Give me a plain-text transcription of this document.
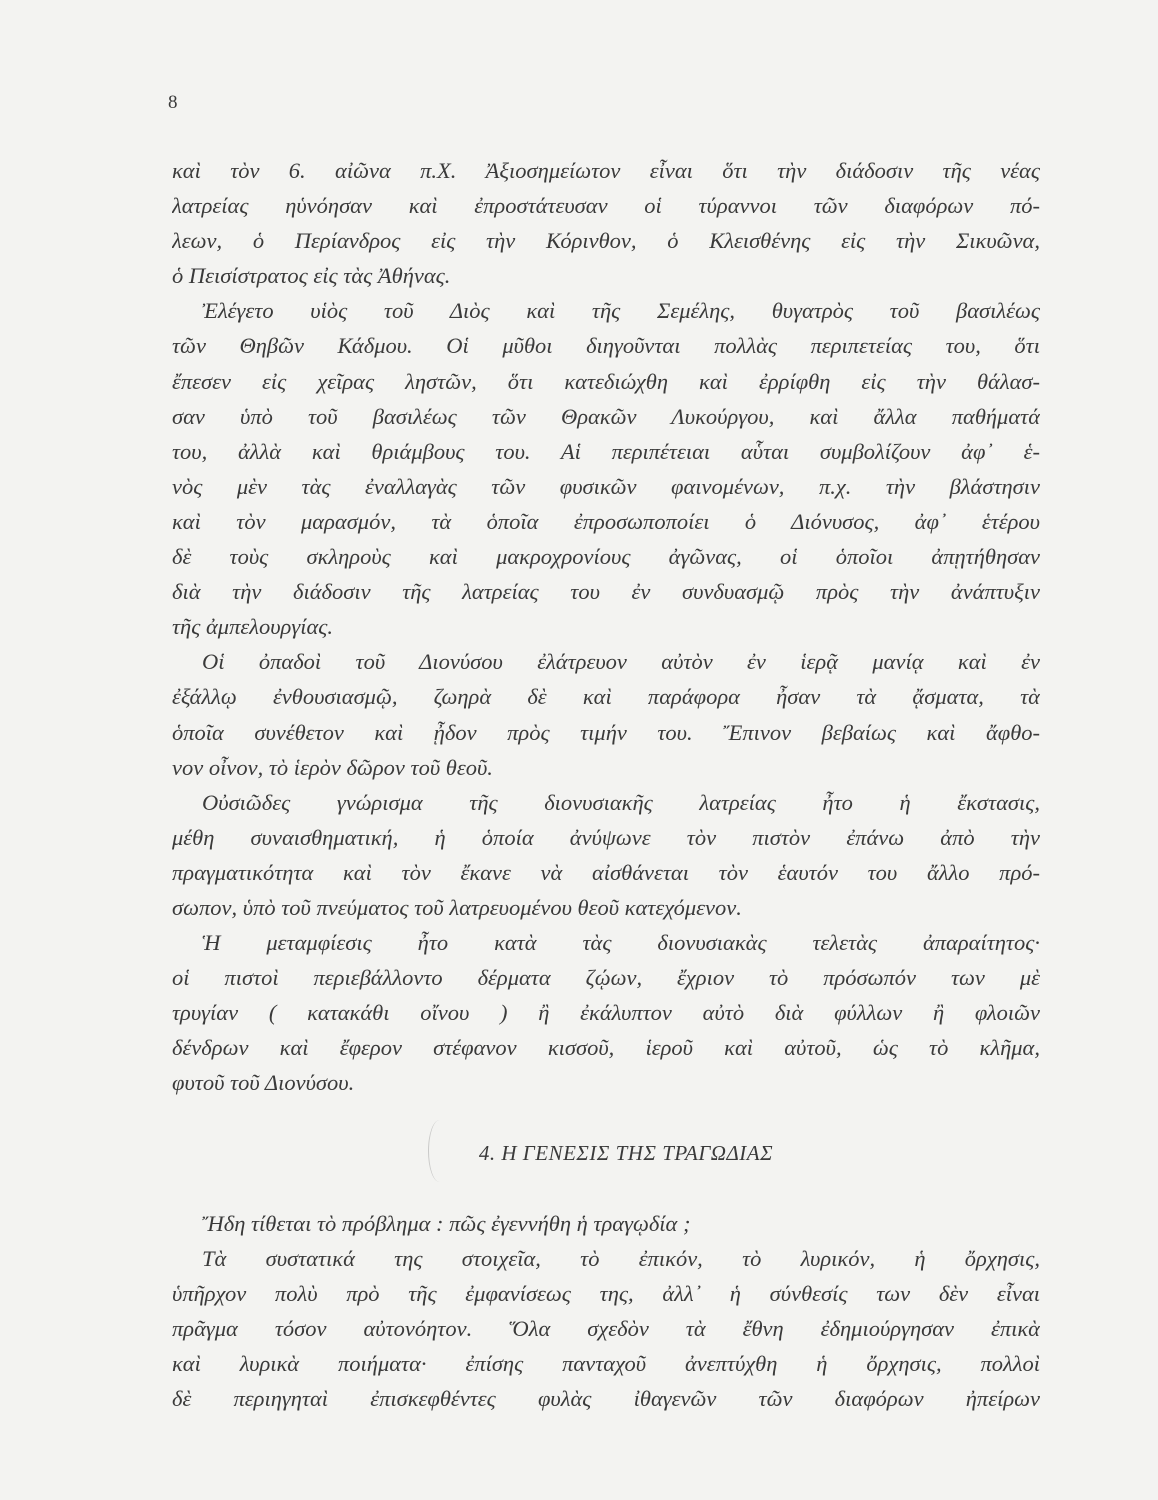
8
καὶ τὸν 6. αἰῶνα π.Χ. Ἀξιοσημείωτον εἶναι ὅτι τὴν διάδοσιν τῆς νέας
λατρείας ηὑνόησαν καὶ ἐπροστάτευσαν οἱ τύραννοι τῶν διαφόρων πό-
λεων, ὁ Περίανδρος εἰς τὴν Κόρινθον, ὁ Κλεισθένης εἰς τὴν Σικυῶνα,
ὁ Πεισίστρατος εἰς τὰς Ἀθήνας.
Ἐλέγετο υἱὸς τοῦ Διὸς καὶ τῆς Σεμέλης, θυγατρὸς τοῦ βασιλέως
τῶν Θηβῶν Κάδμου. Οἱ μῦθοι διηγοῦνται πολλὰς περιπετείας του, ὅτι
ἔπεσεν εἰς χεῖρας ληστῶν, ὅτι κατεδιώχθη καὶ ἐρρίφθη εἰς τὴν θάλασ-
σαν ὑπὸ τοῦ βασιλέως τῶν Θρακῶν Λυκούργου, καὶ ἄλλα παθήματά
του, ἀλλὰ καὶ θριάμβους του. Αἱ περιπέτειαι αὗται συμβολίζουν ἀφ᾽ ἑ-
νὸς μὲν τὰς ἐναλλαγὰς τῶν φυσικῶν φαινομένων, π.χ. τὴν βλάστησιν
καὶ τὸν μαρασμόν, τὰ ὁποῖα ἐπροσωποποίει ὁ Διόνυσος, ἀφ᾽ ἑτέρου
δὲ τοὺς σκληροὺς καὶ μακροχρονίους ἀγῶνας, οἱ ὁποῖοι ἀπῃτήθησαν
διὰ τὴν διάδοσιν τῆς λατρείας του ἐν συνδυασμῷ πρὸς τὴν ἀνάπτυξιν
τῆς ἀμπελουργίας.
Οἱ ὀπαδοὶ τοῦ Διονύσου ἐλάτρευον αὐτὸν ἐν ἱερᾷ μανίᾳ καὶ ἐν
ἐξάλλῳ ἐνθουσιασμῷ, ζωηρὰ δὲ καὶ παράφορα ἦσαν τὰ ᾄσματα, τὰ
ὁποῖα συνέθετον καὶ ᾖδον πρὸς τιμήν του. Ἔπινον βεβαίως καὶ ἄφθο-
νον οἶνον, τὸ ἱερὸν δῶρον τοῦ θεοῦ.
Οὐσιῶδες γνώρισμα τῆς διονυσιακῆς λατρείας ἦτο ἡ ἔκστασις,
μέθη συναισθηματική, ἡ ὁποία ἀνύψωνε τὸν πιστὸν ἐπάνω ἀπὸ τὴν
πραγματικότητα καὶ τὸν ἔκανε νὰ αἰσθάνεται τὸν ἑαυτόν του ἄλλο πρό-
σωπον, ὑπὸ τοῦ πνεύματος τοῦ λατρευομένου θεοῦ κατεχόμενον.
Ἡ μεταμφίεσις ἦτο κατὰ τὰς διονυσιακὰς τελετὰς ἀπαραίτητος·
οἱ πιστοὶ περιεβάλλοντο δέρματα ζῴων, ἔχριον τὸ πρόσωπόν των μὲ
τρυγίαν ( κατακάθι οἴνου ) ἢ ἐκάλυπτον αὐτὸ διὰ φύλλων ἢ φλοιῶν
δένδρων καὶ ἔφερον στέφανον κισσοῦ, ἱεροῦ καὶ αὐτοῦ, ὡς τὸ κλῆμα,
φυτοῦ τοῦ Διονύσου.
4. Η ΓΕΝΕΣΙΣ ΤΗΣ ΤΡΑΓΩΔΙΑΣ
Ἤδη τίθεται τὸ πρόβλημα : πῶς ἐγεννήθη ἡ τραγῳδία ;
Τὰ συστατικά της στοιχεῖα, τὸ ἐπικόν, τὸ λυρικόν, ἡ ὄρχησις,
ὑπῆρχον πολὺ πρὸ τῆς ἐμφανίσεως της, ἀλλ᾽ ἡ σύνθεσίς των δὲν εἶναι
πρᾶγμα τόσον αὐτονόητον. Ὅλα σχεδὸν τὰ ἔθνη ἐδημιούργησαν ἐπικὰ
καὶ λυρικὰ ποιήματα· ἐπίσης πανταχοῦ ἀνεπτύχθη ἡ ὄρχησις, πολλοὶ
δὲ περιηγηταὶ ἐπισκεφθέντες φυλὰς ἰθαγενῶν τῶν διαφόρων ἠπείρων
